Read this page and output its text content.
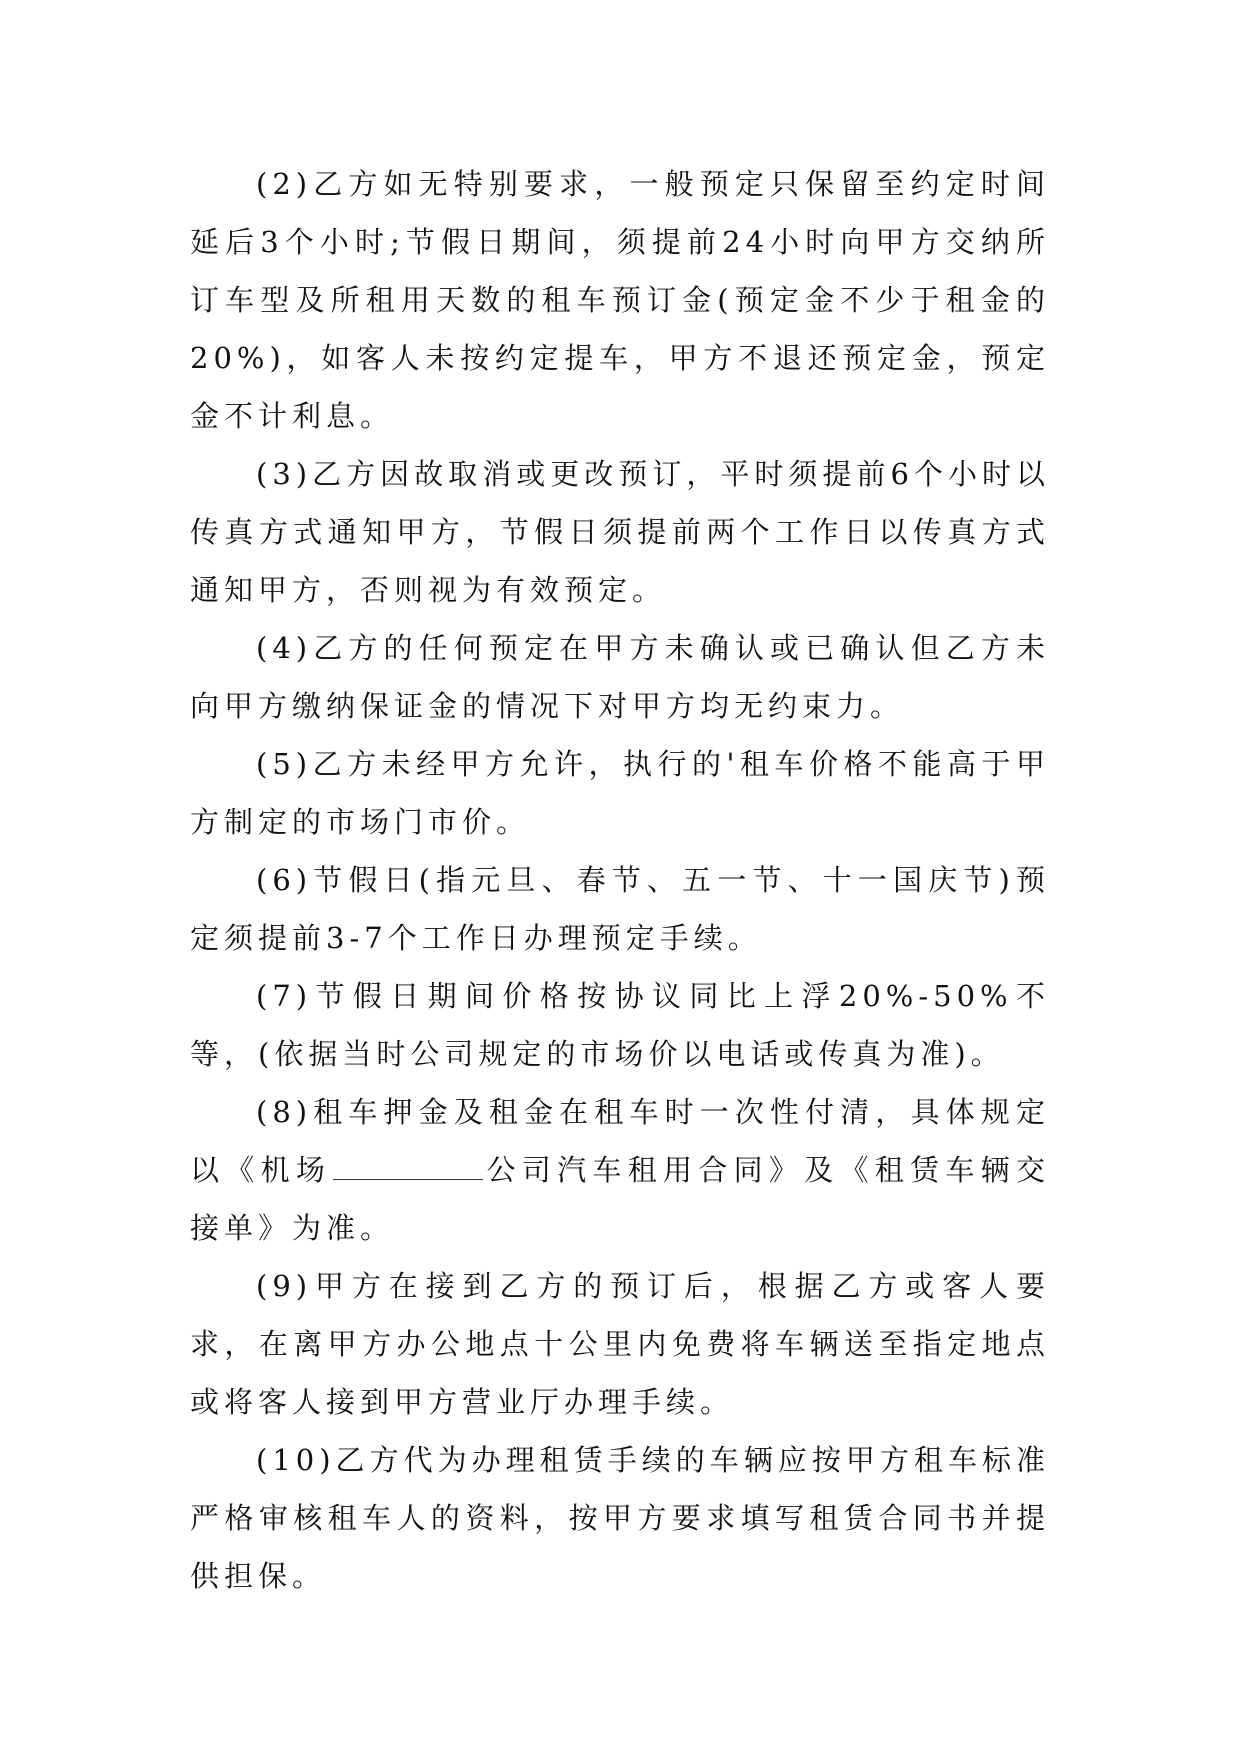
(2)乙方如无特别要求，一般预定只保留至约定时间延后3个小时;节假日期间，须提前24小时向甲方交纳所订车型及所租用天数的租车预订金(预定金不少于租金的20%)，如客人未按约定提车，甲方不退还预定金，预定金不计利息。

(3)乙方因故取消或更改预订，平时须提前6个小时以传真方式通知甲方，节假日须提前两个工作日以传真方式通知甲方，否则视为有效预定。

(4)乙方的任何预定在甲方未确认或已确认但乙方未向甲方缴纳保证金的情况下对甲方均无约束力。

(5)乙方未经甲方允许，执行的'租车价格不能高于甲方制定的市场门市价。

(6)节假日(指元旦、春节、五一节、十一国庆节)预定须提前3-7个工作日办理预定手续。

(7)节假日期间价格按协议同比上浮20%-50%不等，(依据当时公司规定的市场价以电话或传真为准)。

(8)租车押金及租金在租车时一次性付清，具体规定以《机场	公司汽车租用合同》及《租赁车辆交接单》为准。

(9)甲方在接到乙方的预订后，根据乙方或客人要求，在离甲方办公地点十公里内免费将车辆送至指定地点或将客人接到甲方营业厅办理手续。

(10)乙方代为办理租赁手续的车辆应按甲方租车标准严格审核租车人的资料，按甲方要求填写租赁合同书并提供担保。
